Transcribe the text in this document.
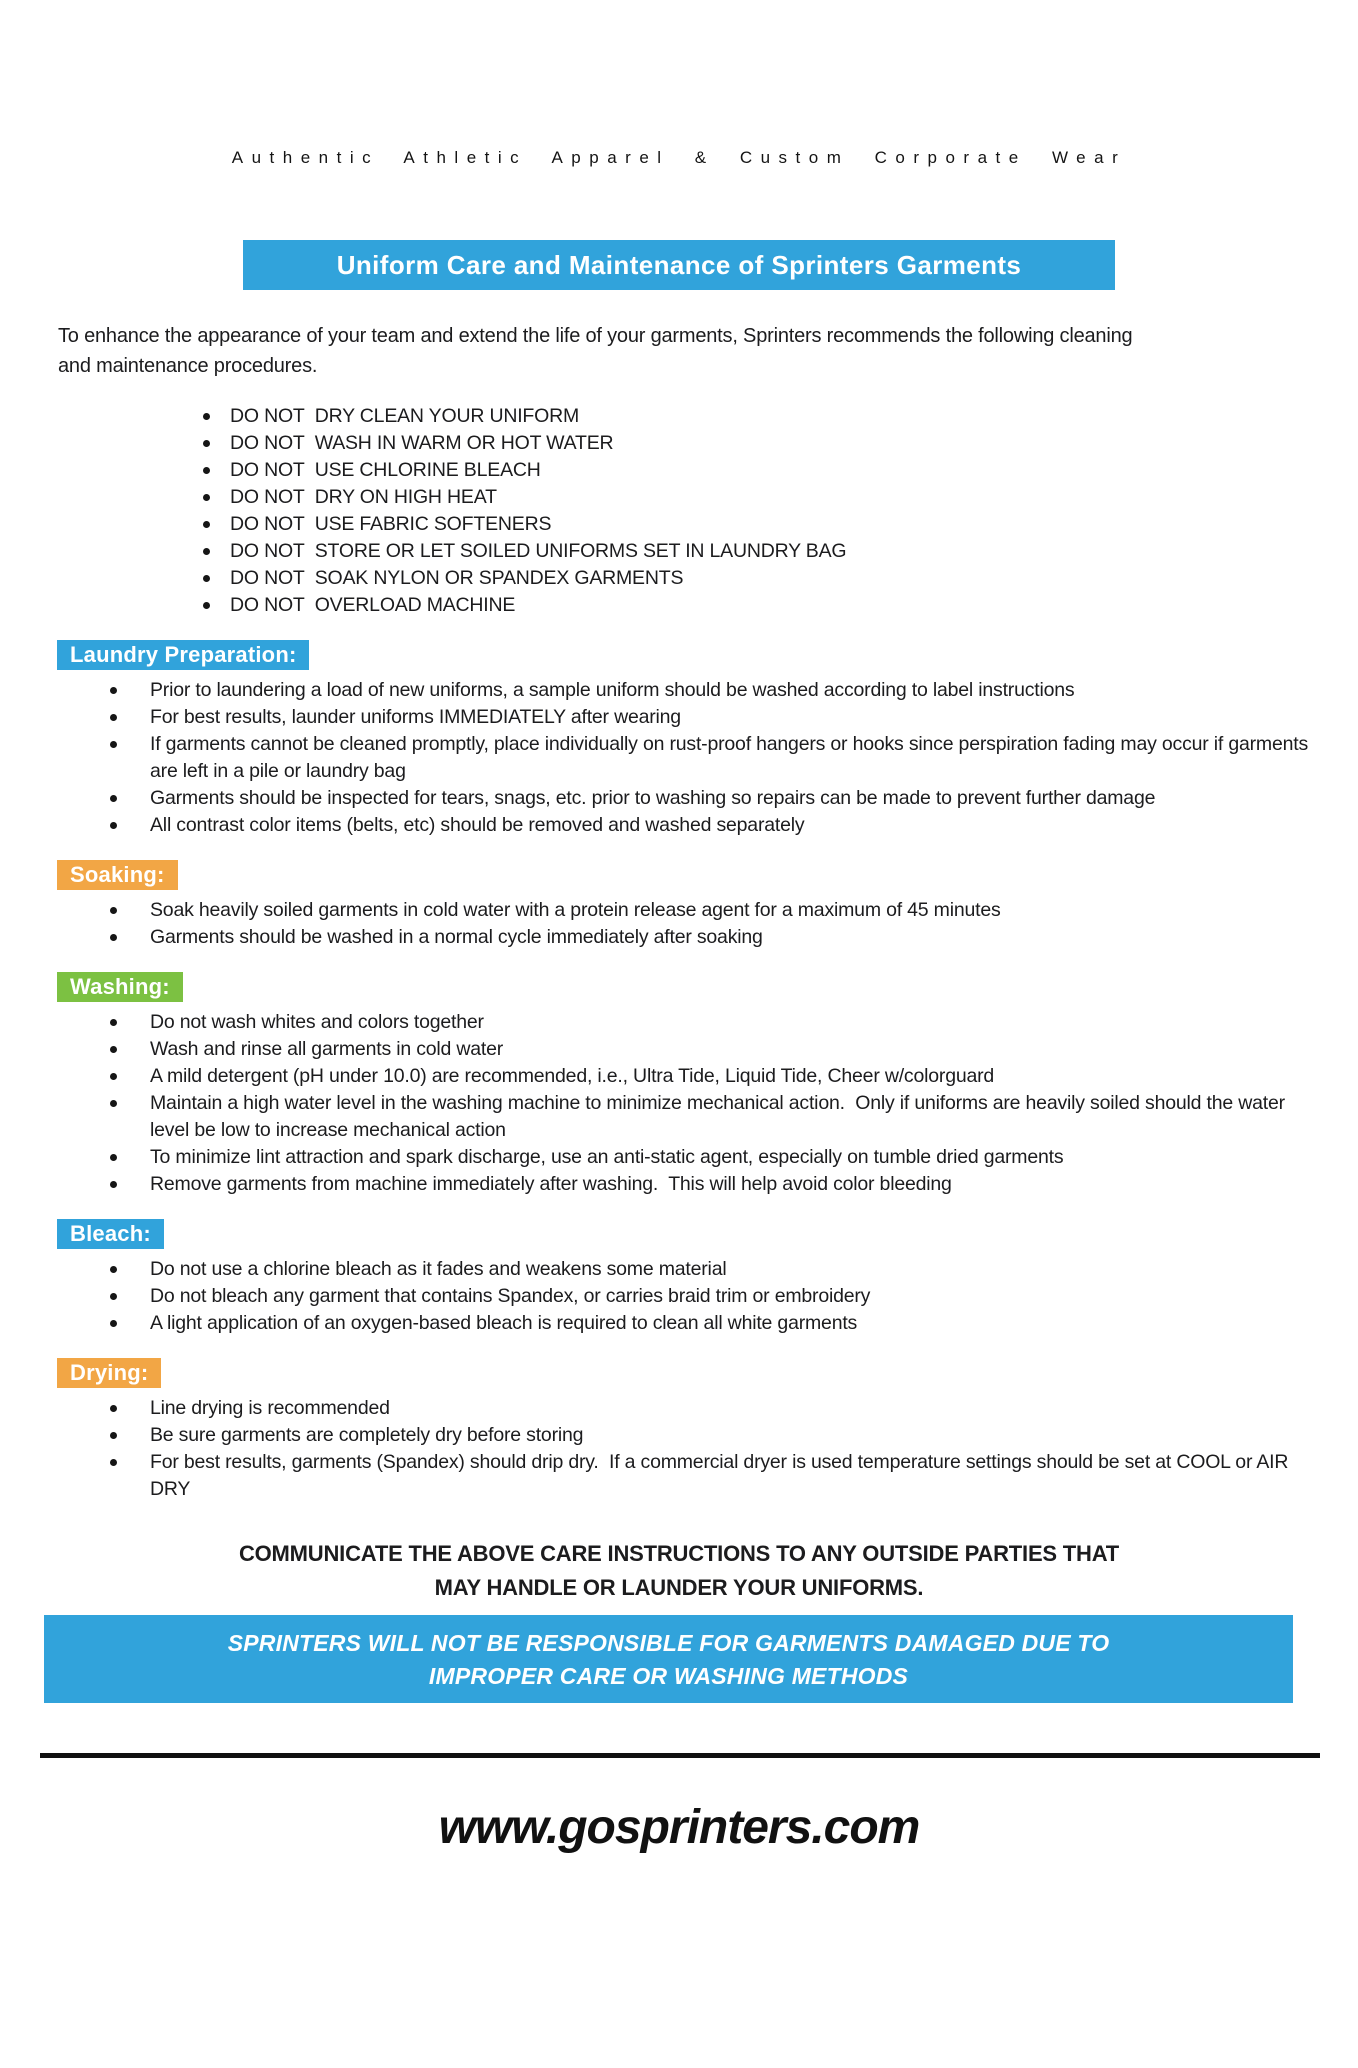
Authentic Athletic Apparel & Custom Corporate Wear
Uniform Care and Maintenance of Sprinters Garments
To enhance the appearance of your team and extend the life of your garments, Sprinters recommends the following cleaning
and maintenance procedures.
DO NOT  DRY CLEAN YOUR UNIFORM
DO NOT  WASH IN WARM OR HOT WATER
DO NOT  USE CHLORINE BLEACH
DO NOT  DRY ON HIGH HEAT
DO NOT  USE FABRIC SOFTENERS
DO NOT  STORE OR LET SOILED UNIFORMS SET IN LAUNDRY BAG
DO NOT  SOAK NYLON OR SPANDEX GARMENTS
DO NOT  OVERLOAD MACHINE
Laundry Preparation:
Prior to laundering a load of new uniforms, a sample uniform should be washed according to label instructions
For best results, launder uniforms IMMEDIATELY after wearing
If garments cannot be cleaned promptly, place individually on rust-proof hangers or hooks since perspiration fading may occur if garments are left in a pile or laundry bag
Garments should be inspected for tears, snags, etc. prior to washing so repairs can be made to prevent further damage
All contrast color items (belts, etc) should be removed and washed separately
Soaking:
Soak heavily soiled garments in cold water with a protein release agent for a maximum of 45 minutes
Garments should be washed in a normal cycle immediately after soaking
Washing:
Do not wash whites and colors together
Wash and rinse all garments in cold water
A mild detergent (pH under 10.0) are recommended, i.e., Ultra Tide, Liquid Tide, Cheer w/colorguard
Maintain a high water level in the washing machine to minimize mechanical action.  Only if uniforms are heavily soiled should the water level be low to increase mechanical action
To minimize lint attraction and spark discharge, use an anti-static agent, especially on tumble dried garments
Remove garments from machine immediately after washing.  This will help avoid color bleeding
Bleach:
Do not use a chlorine bleach as it fades and weakens some material
Do not bleach any garment that contains Spandex, or carries braid trim or embroidery
A light application of an oxygen-based bleach is required to clean all white garments
Drying:
Line drying is recommended
Be sure garments are completely dry before storing
For best results, garments (Spandex) should drip dry.  If a commercial dryer is used temperature settings should be set at COOL or AIR DRY
COMMUNICATE THE ABOVE CARE INSTRUCTIONS TO ANY OUTSIDE PARTIES THAT
MAY HANDLE OR LAUNDER YOUR UNIFORMS.
SPRINTERS WILL NOT BE RESPONSIBLE FOR GARMENTS DAMAGED DUE TO
IMPROPER CARE OR WASHING METHODS
www.gosprinters.com
